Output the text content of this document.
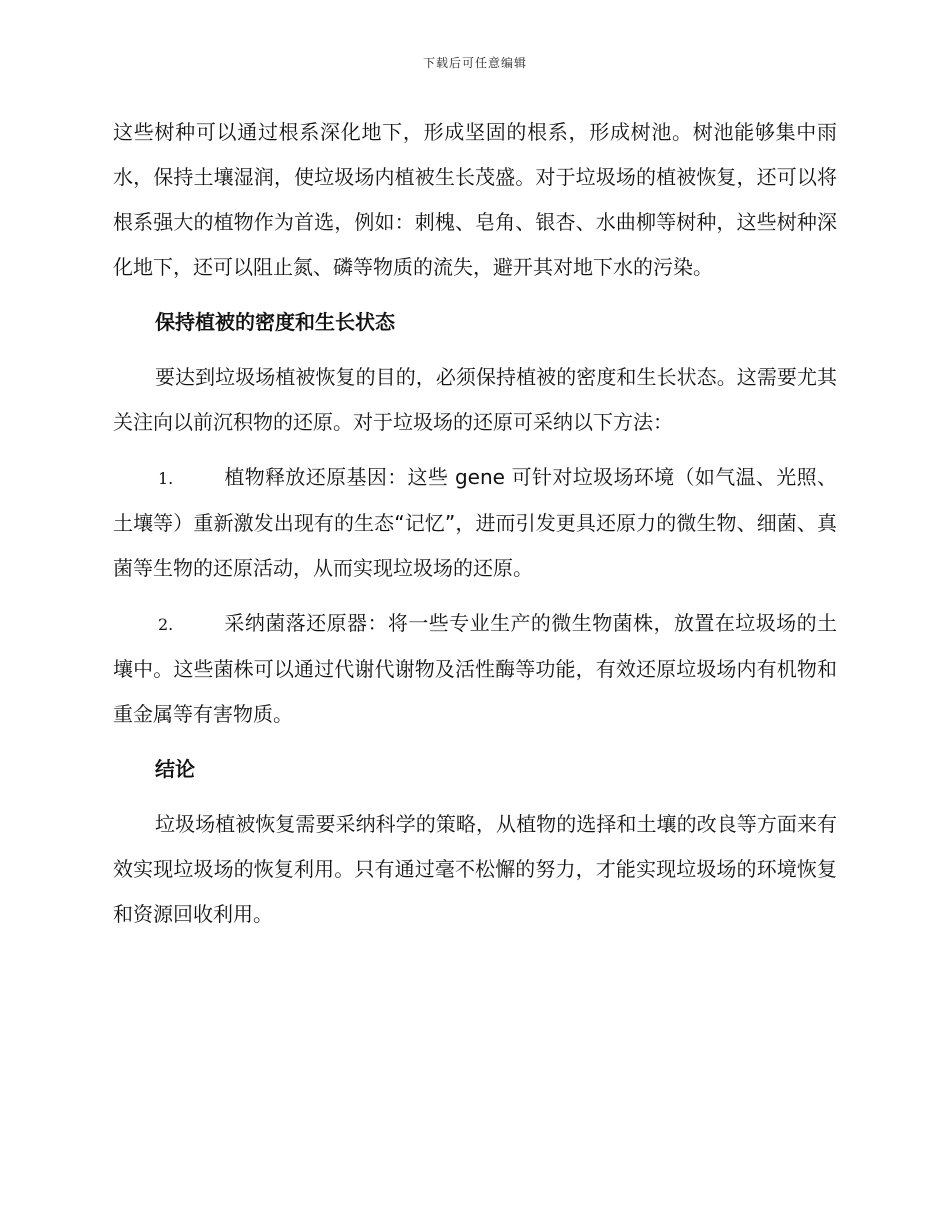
下载后可任意编辑

这些树种可以通过根系深化地下，形成坚固的根系，形成树池。树池能够集中雨水，保持土壤湿润，使垃圾场内植被生长茂盛。对于垃圾场的植被恢复，还可以将根系强大的植物作为首选，例如：刺槐、皂角、银杏、水曲柳等树种，这些树种深化地下，还可以阻止氮、磷等物质的流失，避开其对地下水的污染。

保持植被的密度和生长状态

要达到垃圾场植被恢复的目的，必须保持植被的密度和生长状态。这需要尤其关注向以前沉积物的还原。对于垃圾场的还原可采纳以下方法：

1.	植物释放还原基因：这些 gene 可针对垃圾场环境（如气温、光照、土壤等）重新激发出现有的生态“记忆”，进而引发更具还原力的微生物、细菌、真菌等生物的还原活动，从而实现垃圾场的还原。

2.	采纳菌落还原器：将一些专业生产的微生物菌株，放置在垃圾场的土壤中。这些菌株可以通过代谢代谢物及活性酶等功能，有效还原垃圾场内有机物和重金属等有害物质。

结论

垃圾场植被恢复需要采纳科学的策略，从植物的选择和土壤的改良等方面来有效实现垃圾场的恢复利用。只有通过毫不松懈的努力，才能实现垃圾场的环境恢复和资源回收利用。
